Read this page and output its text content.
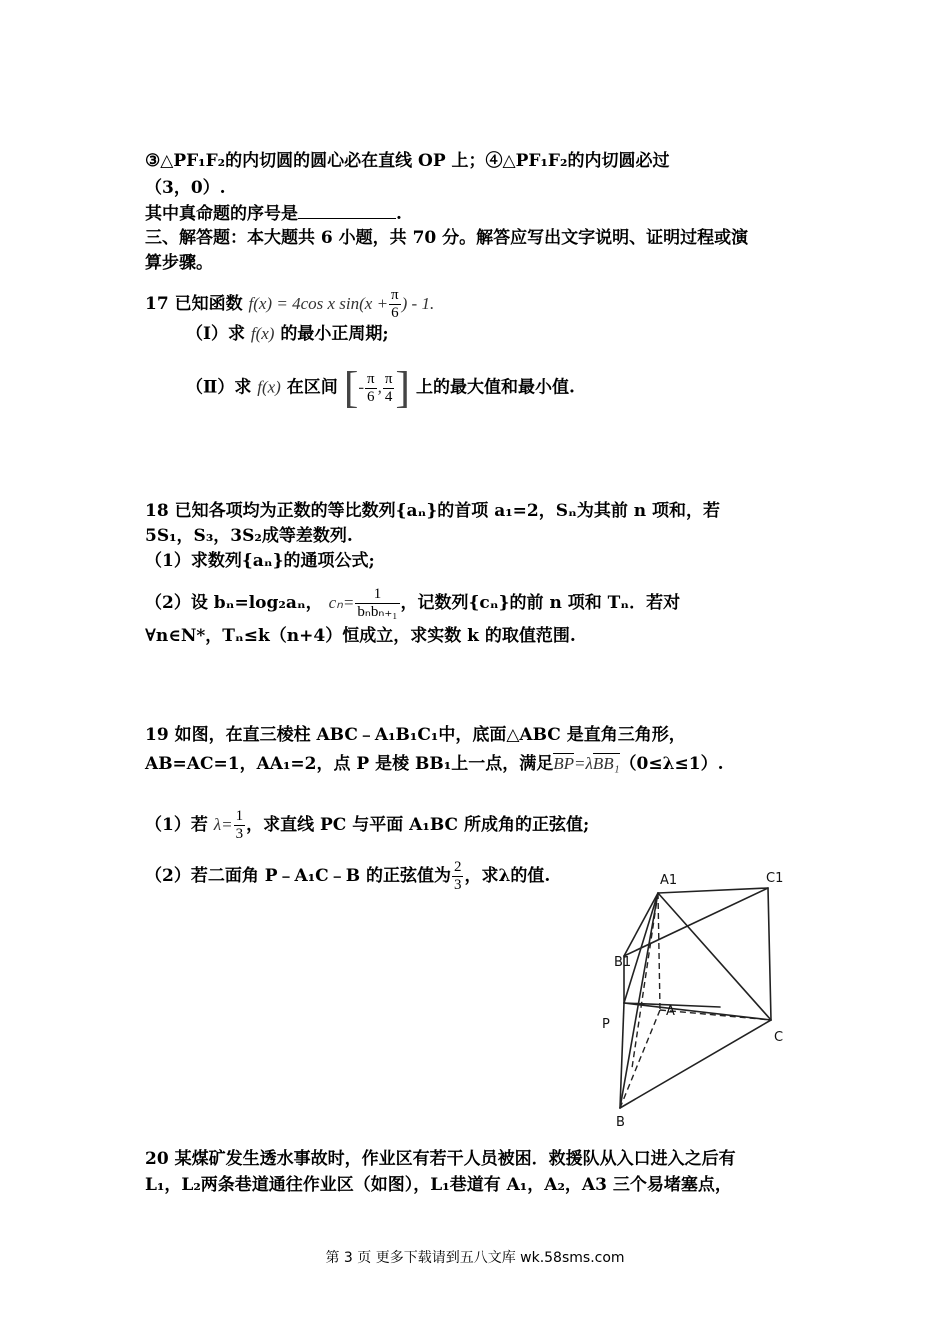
③△PF₁F₂的内切圆的圆心必在直线 OP 上；④△PF₁F₂的内切圆必过
（3，0）.
其中真命题的序号是	.
三、解答题：本大题共 6 小题，共 70 分。解答应写出文字说明、证明过程或演
算步骤。
17 已知函数 f(x) = 4cos x $\sin(x + \frac{\pi}{6}$ ) - 1.
（Ⅰ）求 f(x) 的最小正周期;
（Ⅱ）求 f(x) 在区间 [- $\frac{\pi}{6}$ , $\frac{\pi}{4}$ ] 上的最大值和最小值.
18 已知各项均为正数的等比数列{aₙ}的首项 a₁=2，Sₙ为其前 n 项和，若
5S₁，S₃，3S₂成等差数列.
（1）求数列{aₙ}的通项公式;
（2）设 bₙ=log₂aₙ， $c_n= \frac{1}{\text{bₙbₙ₊₁}}$ ，记数列{cₙ}的前 n 项和 Tₙ．若对
∀n∈N*，Tₙ≤k（n+4）恒成立，求实数 k 的取值范围.
19 如图，在直三棱柱 ABC﹣A₁B₁C₁中，底面△ABC 是直角三角形，
AB=AC=1，AA₁=2，点 P 是棱 BB₁上一点，满足BP=λBB₁（0≤λ≤1）.
（1）若 $\lambda= \frac{1}{3}$ ，求直线 PC 与平面 A₁BC 所成角的正弦值;
（2）若二面角 P﹣A₁C﹣B 的正弦值为 $\frac{2}{3}$ ，求λ的值.	A1	C1
B1
P
A
C
B
20 某煤矿发生透水事故时，作业区有若干人员被困．救援队从入口进入之后有
L₁，L₂两条巷道通往作业区（如图），L₁巷道有 A₁，A₂，A3 三个易堵塞点，
第 3 页 更多下载请到五八文库 wk.58sms.com
